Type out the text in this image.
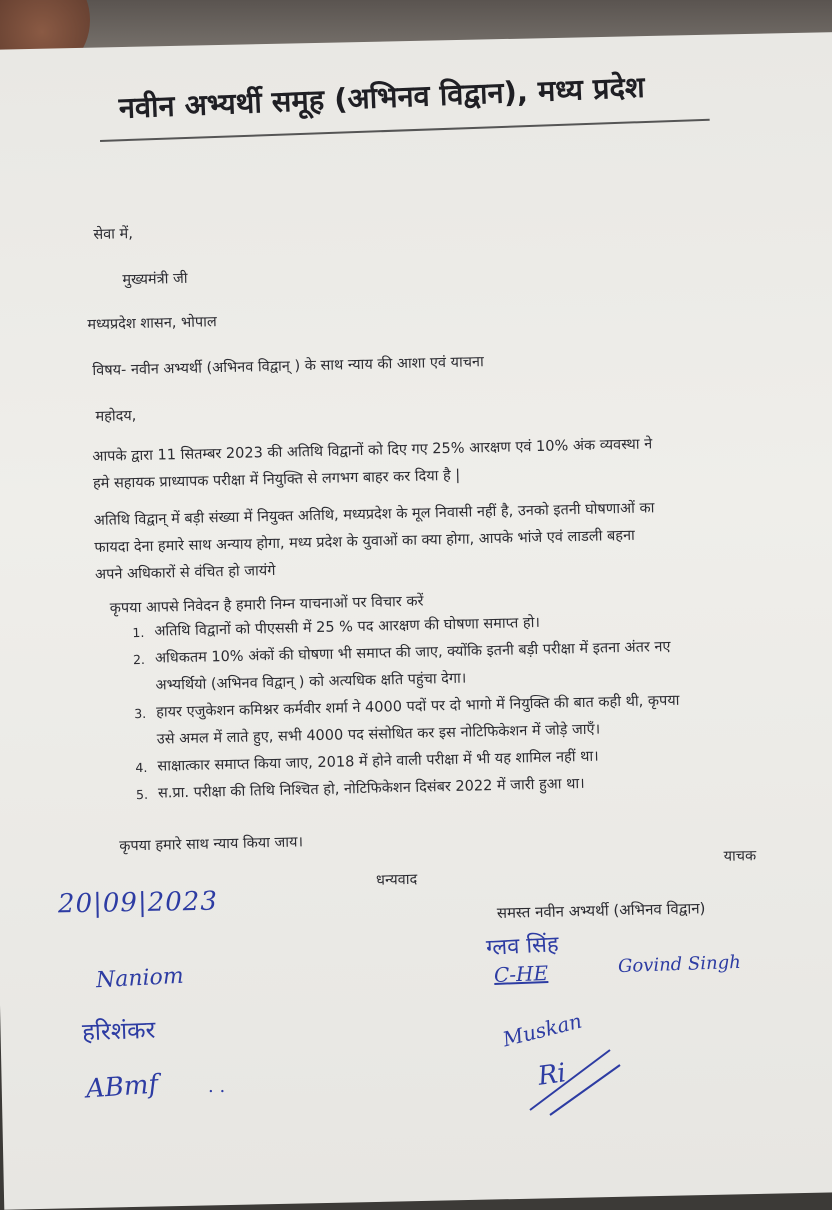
नवीन अभ्यर्थी समूह (अभिनव विद्वान), मध्य प्रदेश
सेवा में,
मुख्यमंत्री जी
मध्यप्रदेश शासन, भोपाल
विषय- नवीन अभ्यर्थी (अभिनव विद्वान् ) के साथ न्याय की आशा एवं याचना
महोदय,
आपके द्वारा 11 सितम्बर 2023 की अतिथि विद्वानों को दिए गए 25% आरक्षण एवं 10% अंक व्यवस्था ने
हमे सहायक प्राध्यापक परीक्षा में नियुक्ति से लगभग बाहर कर दिया है |
अतिथि विद्वान् में बड़ी संख्या में नियुक्त अतिथि, मध्यप्रदेश के मूल निवासी नहीं है, उनको इतनी घोषणाओं का
फायदा देना हमारे साथ अन्याय होगा, मध्य प्रदेश के युवाओं का क्या होगा, आपके भांजे एवं लाडली बहना
अपने अधिकारों से वंचित हो जायंगे
कृपया आपसे निवेदन है हमारी निम्न याचनाओं पर विचार करें
1. अतिथि विद्वानों को पीएससी में 25 % पद आरक्षण की घोषणा समाप्त हो।
2. अधिकतम 10% अंकों की घोषणा भी समाप्त की जाए, क्योंकि इतनी बड़ी परीक्षा में इतना अंतर नए
अभ्यर्थियो (अभिनव विद्वान् ) को अत्यधिक क्षति पहुंचा देगा।
3. हायर एजुकेशन कमिश्नर कर्मवीर शर्मा ने 4000 पदों पर दो भागो में नियुक्ति की बात कही थी, कृपया
उसे अमल में लाते हुए, सभी 4000 पद संसोधित कर इस नोटिफिकेशन में जोड़े जाएँ।
4. साक्षात्कार समाप्त किया जाए, 2018 में होने वाली परीक्षा में भी यह शामिल नहीं था।
5. स.प्रा. परीक्षा की तिथि निश्चित हो, नोटिफिकेशन दिसंबर 2022 में जारी हुआ था।
कृपया हमारे साथ न्याय किया जाय।
याचक
धन्यवाद
समस्त नवीन अभ्यर्थी (अभिनव विद्वान)
20|09|2023
Naniom
हरिशंकर
ABmf	. .
ग्लव सिंह
C-HE	Govind Singh
Muskan
Ri
